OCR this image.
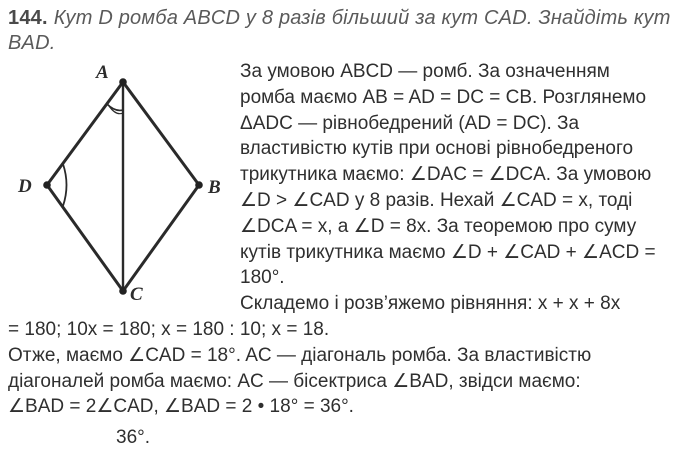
144. Кут D ромба ABCD у 8 разів більший за кут CAD. Знайдіть кут
BAD.
A
D	B
C
За умовою ABCD — ромб. За означенням
ромба маємо AB = AD = DC = CB. Розглянемо
ΔADC — рівнобедрений (AD = DC). За
властивістю кутів при основі рівнобедреного
трикутника маємо: ∠DAC = ∠DCA. За умовою
∠D > ∠CAD у 8 разів. Нехай ∠CAD = x, тоді
∠DCA = x, а ∠D = 8x. За теоремою про суму
кутів трикутника маємо ∠D + ∠CAD + ∠ACD =
180°.
Складемо і розв’яжемо рівняння: x + x + 8x
= 180; 10x = 180; x = 180 : 10; x = 18.
Отже, маємо ∠CAD = 18°. AC — діагональ ромба. За властивістю
діагоналей ромба маємо: AC — бісектриса ∠BAD, звідси маємо:
∠BAD = 2∠CAD, ∠BAD = 2 • 18° = 36°.
36°.
